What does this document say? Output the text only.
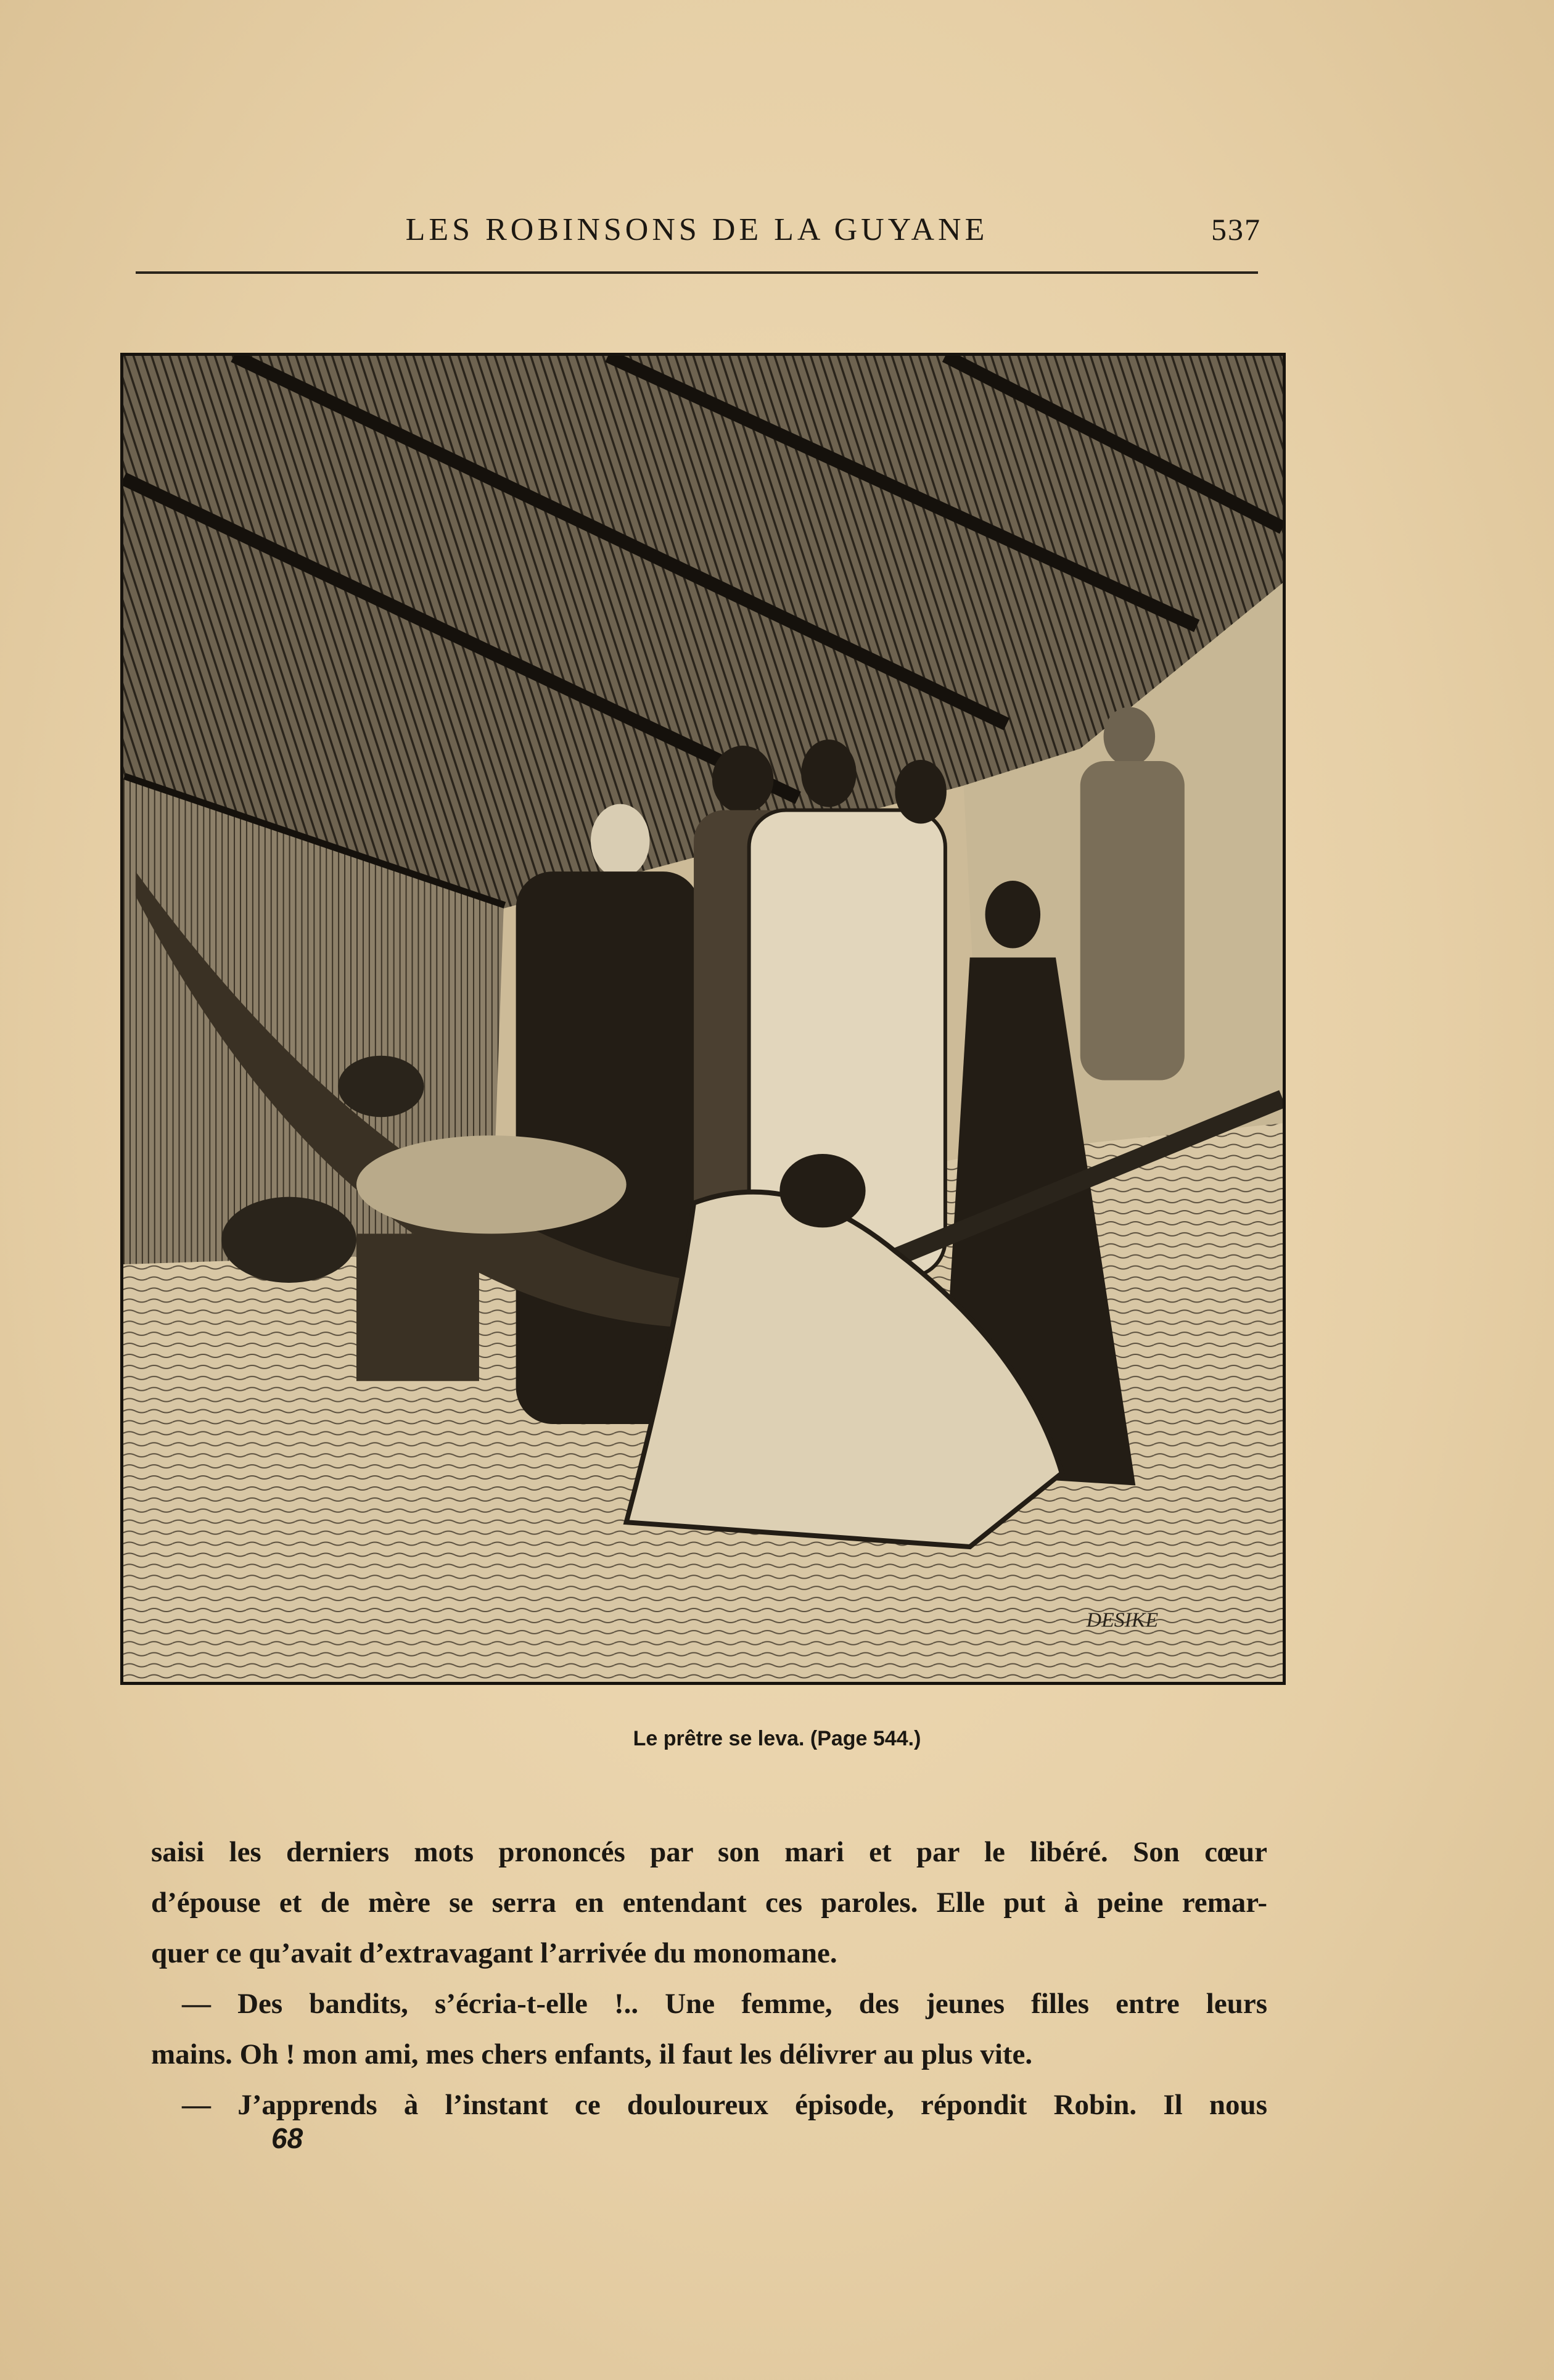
LES ROBINSONS DE LA GUYANE	537
DESIKE
Le prêtre se leva. (Page 544.)
saisi les derniers mots prononcés par son mari et par le libéré. Son cœur
d’épouse et de mère se serra en entendant ces paroles. Elle put à peine remar-
quer ce qu’avait d’extravagant l’arrivée du monomane.
— Des bandits, s’écria-t-elle !.. Une femme, des jeunes filles entre leurs
mains. Oh ! mon ami, mes chers enfants, il faut les délivrer au plus vite.
— J’apprends à l’instant ce douloureux épisode, répondit Robin. Il nous
68
